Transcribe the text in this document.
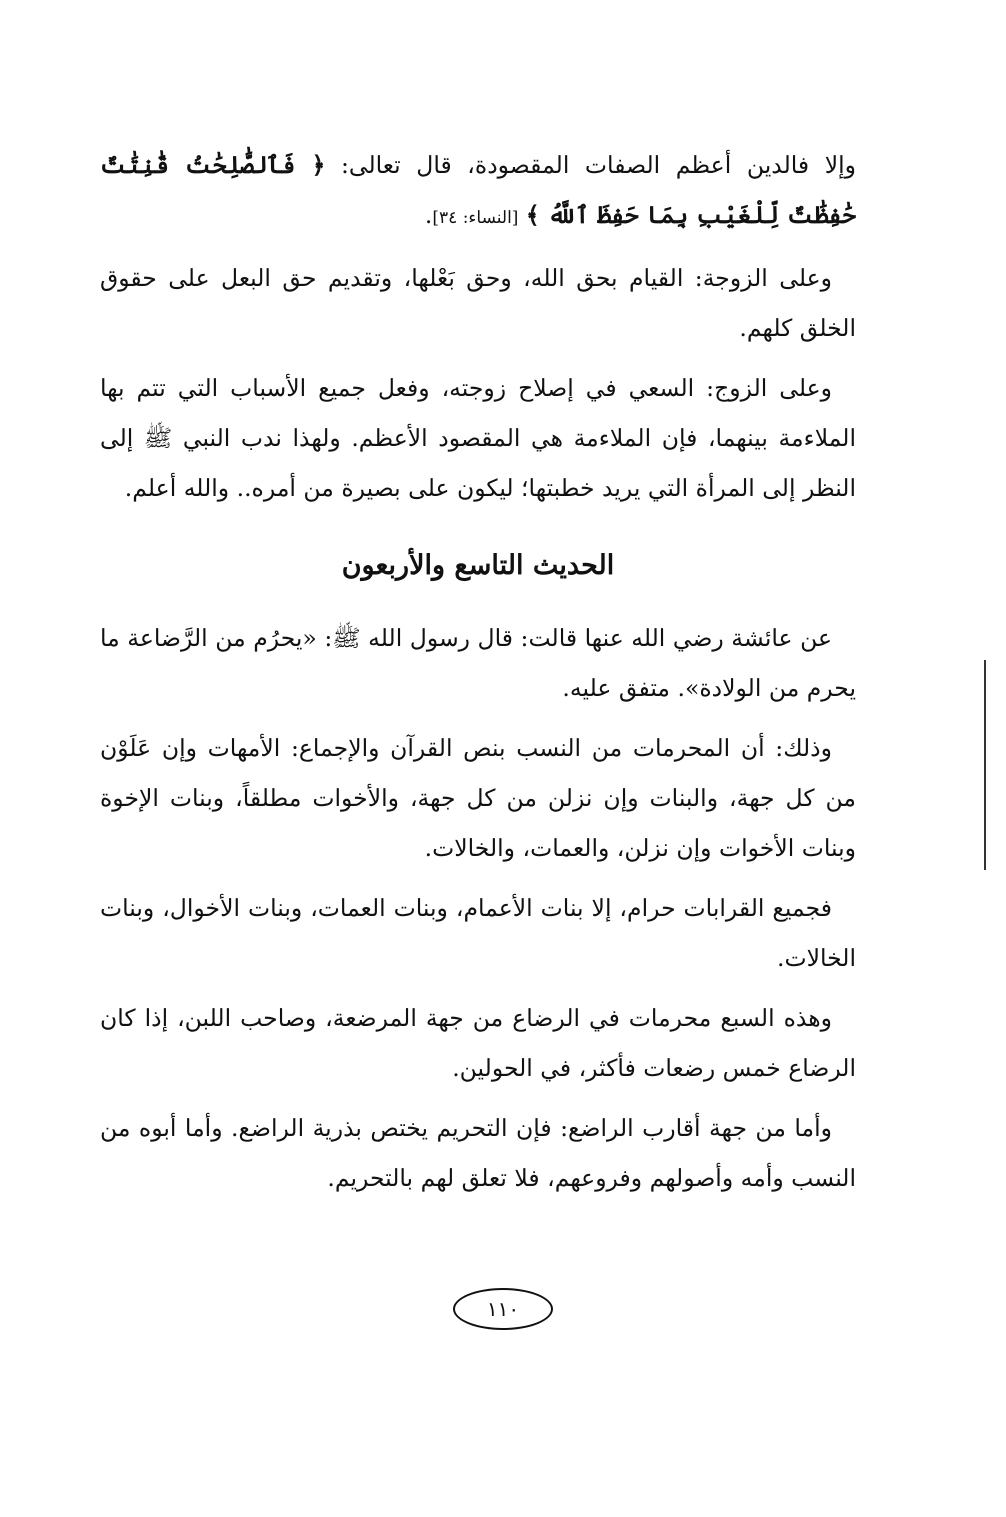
وإلا فالدين أعظم الصفات المقصودة، قال تعالى: ﴿ فَٱلصَّٰلِحَٰتُ قَٰنِتَٰتٌ حَٰفِظَٰتٌ لِّلْغَيْبِ بِمَا حَفِظَ ٱللَّهُ ﴾ [النساء: ٣٤].

وعلى الزوجة: القيام بحق الله، وحق بَعْلها، وتقديم حق البعل على حقوق الخلق كلهم.

وعلى الزوج: السعي في إصلاح زوجته، وفعل جميع الأسباب التي تتم بها الملاءمة بينهما، فإن الملاءمة هي المقصود الأعظم. ولهذا ندب النبي ﷺ إلى النظر إلى المرأة التي يريد خطبتها؛ ليكون على بصيرة من أمره.. والله أعلم.

الحديث التاسع والأربعون

عن عائشة رضي الله عنها قالت: قال رسول الله ﷺ: «يحرُم من الرَّضاعة ما يحرم من الولادة». متفق عليه.

وذلك: أن المحرمات من النسب بنص القرآن والإجماع: الأمهات وإن عَلَوْن من كل جهة، والبنات وإن نزلن من كل جهة، والأخوات مطلقاً، وبنات الإخوة وبنات الأخوات وإن نزلن، والعمات، والخالات.

فجميع القرابات حرام، إلا بنات الأعمام، وبنات العمات، وبنات الأخوال، وبنات الخالات.

وهذه السبع محرمات في الرضاع من جهة المرضعة، وصاحب اللبن، إذا كان الرضاع خمس رضعات فأكثر، في الحولين.

وأما من جهة أقارب الراضع: فإن التحريم يختص بذرية الراضع. وأما أبوه من النسب وأمه وأصولهم وفروعهم، فلا تعلق لهم بالتحريم.

١١٠
